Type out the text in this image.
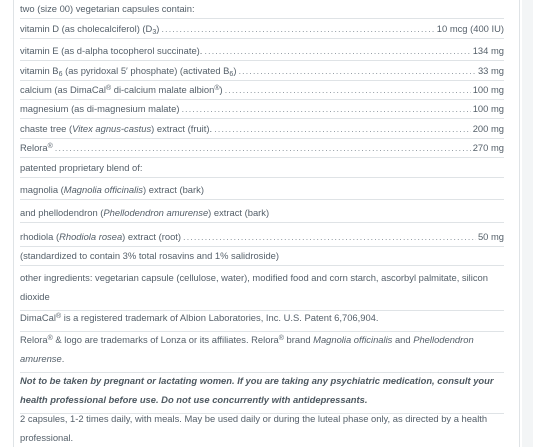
two (size 00) vegetarian capsules contain:
vitamin D (as cholecalciferol) $(D_3)$ .....	10 mcg (400 IU)
vitamin E (as d-alpha tocopherol succinate). .....	134 mg
vitamin $B_6$ (as pyridoxal 5′ phosphate) (activated $B_6$) .....	33 mg
calcium (as DimaCal® di-calcium malate albion®) .....	100 mg
magnesium (as di-magnesium malate) .....	100 mg
chaste tree (Vitex agnus-castus) extract (fruit). .....	200 mg
Relora® .....	270 mg
patented proprietary blend of:
magnolia (Magnolia officinalis) extract (bark)
and phellodendron (Phellodendron amurense) extract (bark)
rhodiola (Rhodiola rosea) extract (root) .....	50 mg
(standardized to contain 3% total rosavins and 1% salidroside)
other ingredients: vegetarian capsule (cellulose, water), modified food and corn starch, ascorbyl palmitate, silicon dioxide
DimaCal® is a registered trademark of Albion Laboratories, Inc. U.S. Patent 6,706,904.
Relora® & logo are trademarks of Lonza or its affiliates. Relora® brand Magnolia officinalis and Phellodendron amurense.
Not to be taken by pregnant or lactating women. If you are taking any psychiatric medication, consult your health professional before use. Do not use concurrently with antidepressants.
2 capsules, 1-2 times daily, with meals. May be used daily or during the luteal phase only, as directed by a health professional.
